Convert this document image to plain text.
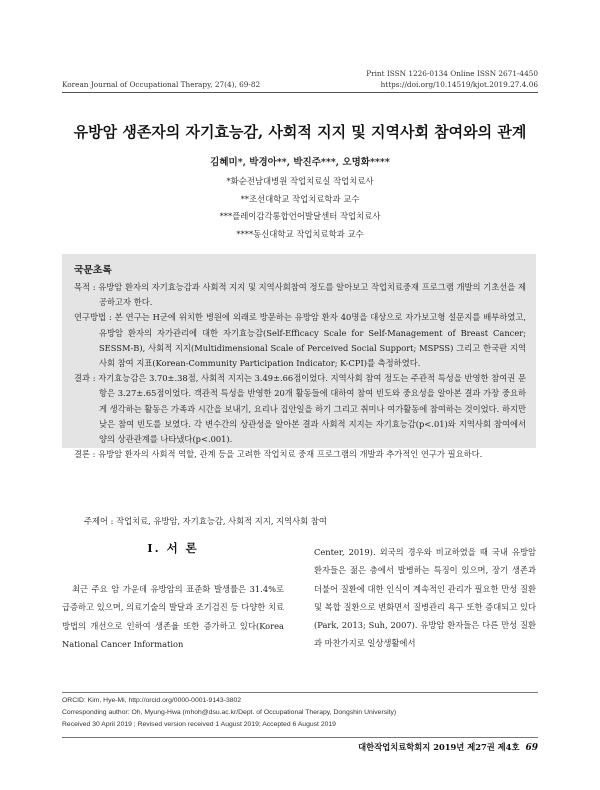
Print ISSN 1226-0134 Online ISSN 2671-4450
Korean Journal of Occupational Therapy, 27(4), 69-82	https://doi.org/10.14519/kjot.2019.27.4.06
유방암 생존자의 자기효능감, 사회적 지지 및 지역사회 참여와의 관계
김혜미*, 박경아**, 박진주***, 오명화****
*화순전남대병원 작업치료실 작업치료사
**조선대학교 작업치료학과 교수
***플레이감각통합언어발달센터 작업치료사
****동신대학교 작업치료학과 교수
국문초록

목적 : 유방암 환자의 자기효능감과 사회적 지지 및 지역사회참여 정도를 알아보고 작업치료중재 프로그램 개발의 기초선을 제공하고자 한다.

연구방법 : 본 연구는 H군에 위치한 병원에 외래로 방문하는 유방암 환자 40명을 대상으로 자가보고형 설문지를 배부하였고, 유방암 환자의 자가관리에 대한 자기효능감(Self-Efficacy Scale for Self-Management of Breast Cancer; SESSM-B), 사회적 지지(Multidimensional Scale of Perceived Social Support; MSPSS) 그리고 한국판 지역사회 참여 지표(Korean-Community Participation Indicator; K-CPI)를 측정하였다.

결과 : 자기효능감은 3.70±.38점, 사회적 지지는 3.49±.66점이었다. 지역사회 참여 정도는 주관적 특성을 반영한 참여권 문항은 3.27±.65점이었다. 객관적 특성을 반영한 20개 활동들에 대하여 참여 빈도와 중요성을 알아본 결과 가장 중요하게 생각하는 활동은 가족과 시간을 보내기, 요리나 집안일을 하기 그리고 취미나 여가활동에 참여하는 것이었다. 하지만 낮은 참여 빈도를 보였다. 각 변수간의 상관성을 알아본 결과 사회적 지지는 자기효능감(p<.01)와 지역사회 참여에서 양의 상관관계를 나타냈다(p<.001).

결론 : 유방암 환자의 사회적 역할, 관계 등을 고려한 작업치료 중재 프로그램의 개발과 추가적인 연구가 필요하다.

주제어 : 작업치료, 유방암, 자기효능감, 사회적 지지, 지역사회 참여
Ⅰ. 서 론
최근 주요 암 가운데 유방암의 표준화 발생률은 31.4%로 급증하고 있으며, 의료기술의 발달과 조기검진 등 다양한 치료 방법의 개선으로 인하여 생존율 또한 증가하고 있다(Korea National Cancer Information
Center, 2019). 외국의 경우와 비교하였을 때 국내 유방암 환자들은 젊은 층에서 발병하는 특징이 있으며, 장기 생존과 더불어 질환에 대한 인식이 계속적인 관리가 필요한 만성 질환 및 복합 질환으로 변화면서 질병관리 욕구 또한 증대되고 있다(Park, 2013; Suh, 2007). 유방암 환자들은 다른 만성 질환과 마찬가지로 일상생활에서
ORCID: Kim, Hye-Mi, http://orcid.org/0000-0001-9143-3802
Corresponding author: Oh, Myung-Hwa (mhoh@dsu.ac.kr/Dept. of Occupational Therapy, Dongshin University)
Received 30 April 2019 ; Revised version received 1 August 2019; Accepted 6 August 2019
대한작업치료학회지 2019년 제27권 제4호 69
